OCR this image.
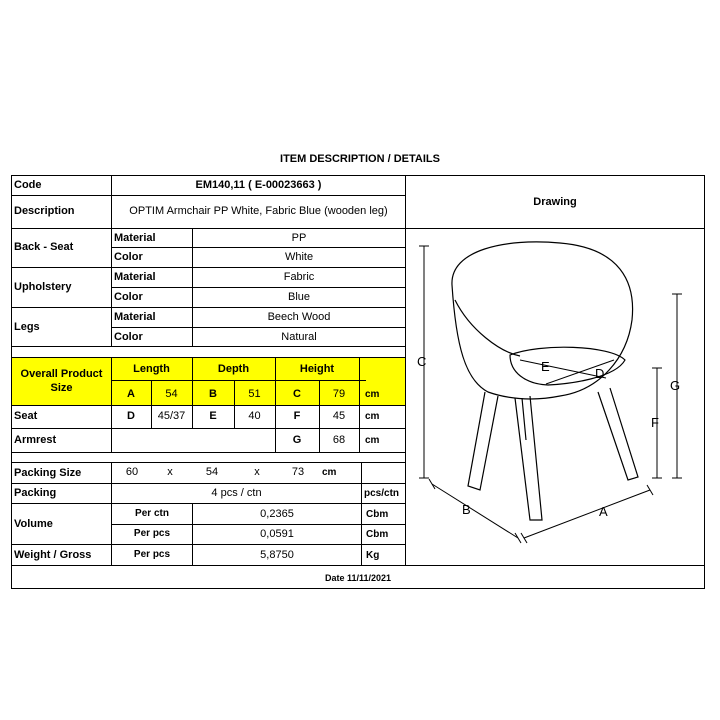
ITEM DESCRIPTION / DETAILS
Code	EM140,11 ( E-00023663 )
Description	OPTIM Armchair PP White, Fabric Blue (wooden leg)
Back - Seat
Material	PP
Color	White
Upholstery
Material	Fabric
Color	Blue
Legs
Material	Beech Wood
Color	Natural
Overall Product
Size
Length	Depth	Height
A	54	B	51	C	79	cm
Seat	D	45/37	E	40	F	45	cm
Armrest	G	68	cm
Packing Size	60	x	54	x	73	cm
Packing	4 pcs / ctn	pcs/ctn
Volume
Per ctn	0,2365	Cbm
Per pcs	0,0591	Cbm
Weight / Gross	Per pcs	5,8750	Kg
Date 11/11/2021
Drawing
C
G
F
B	A
E	D
